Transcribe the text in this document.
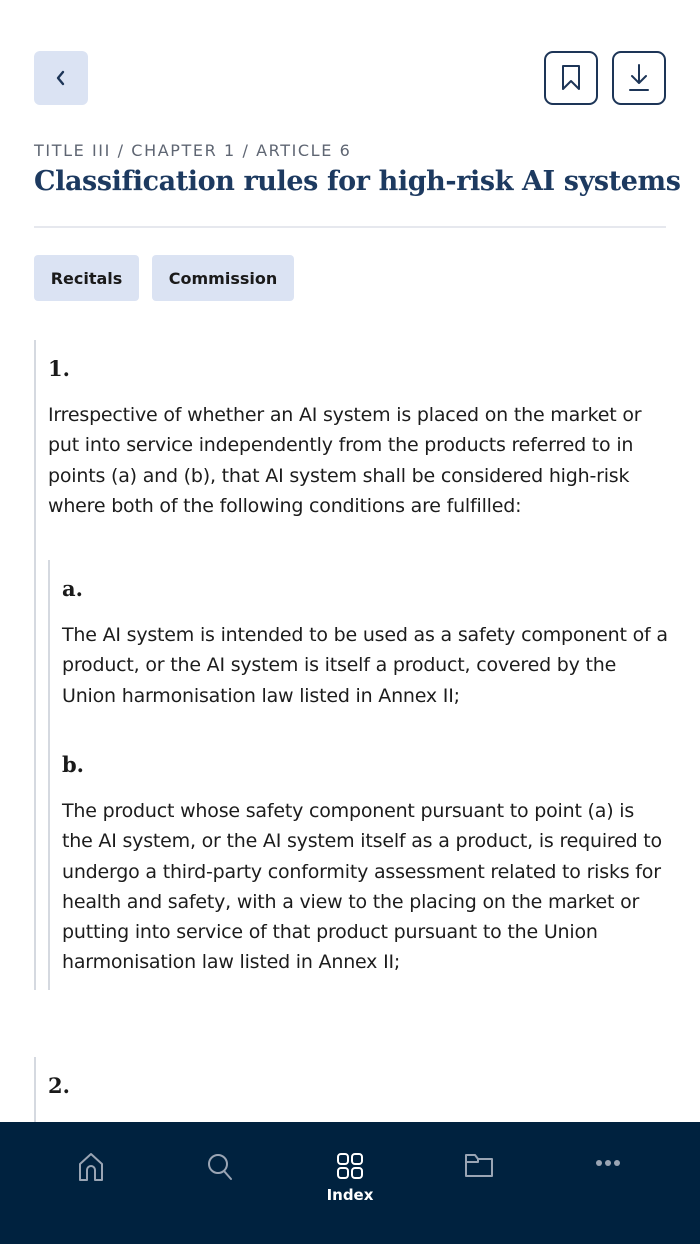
TITLE III / CHAPTER 1 / ARTICLE 6
Classification rules for high-risk AI systems
Recitals	Commission
1.
Irrespective of whether an AI system is placed on the market or put into service independently from the products referred to in points (a) and (b), that AI system shall be considered high-risk where both of the following conditions are fulfilled:
a.
The AI system is intended to be used as a safety component of a product, or the AI system is itself a product, covered by the Union harmonisation law listed in Annex II;
b.
The product whose safety component pursuant to point (a) is the AI system, or the AI system itself as a product, is required to undergo a third-party conformity assessment related to risks for health and safety, with a view to the placing on the market or putting into service of that product pursuant to the Union harmonisation law listed in Annex II;
2.
Index
